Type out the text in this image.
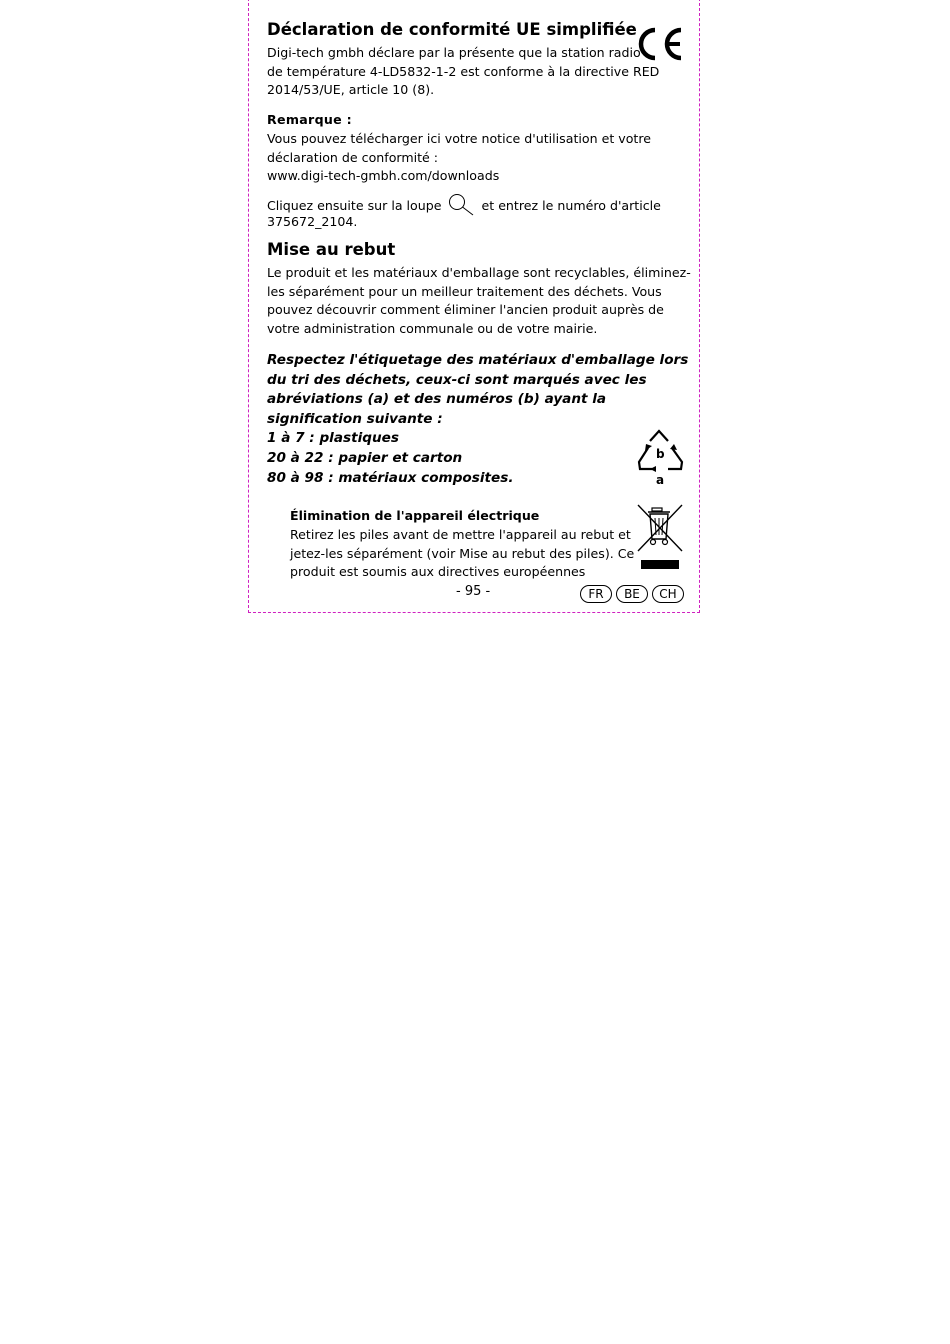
Déclaration de conformité UE simplifiée
Digi-tech gmbh déclare par la présente que la station radio
de température 4-LD5832-1-2 est conforme à la directive RED
2014/53/UE, article 10 (8).
Remarque :
Vous pouvez télécharger ici votre notice d'utilisation et votre
déclaration de conformité :
www.digi-tech-gmbh.com/downloads
Cliquez ensuite sur la loupe	et entrez le numéro d'article
375672_2104.
Mise au rebut
Le produit et les matériaux d'emballage sont recyclables, éliminez-
les séparément pour un meilleur traitement des déchets. Vous
pouvez découvrir comment éliminer l'ancien produit auprès de
votre administration communale ou de votre mairie.
Respectez l'étiquetage des matériaux d'emballage lors
du tri des déchets, ceux-ci sont marqués avec les
abréviations (a) et des numéros (b) ayant la
signification suivante :
1 à 7 : plastiques
20 à 22 : papier et carton
80 à 98 : matériaux composites.
b
a
Élimination de l'appareil électrique
Retirez les piles avant de mettre l'appareil au rebut et
jetez-les séparément (voir Mise au rebut des piles). Ce
produit est soumis aux directives européennes
- 95 -	FR	BE	CH
